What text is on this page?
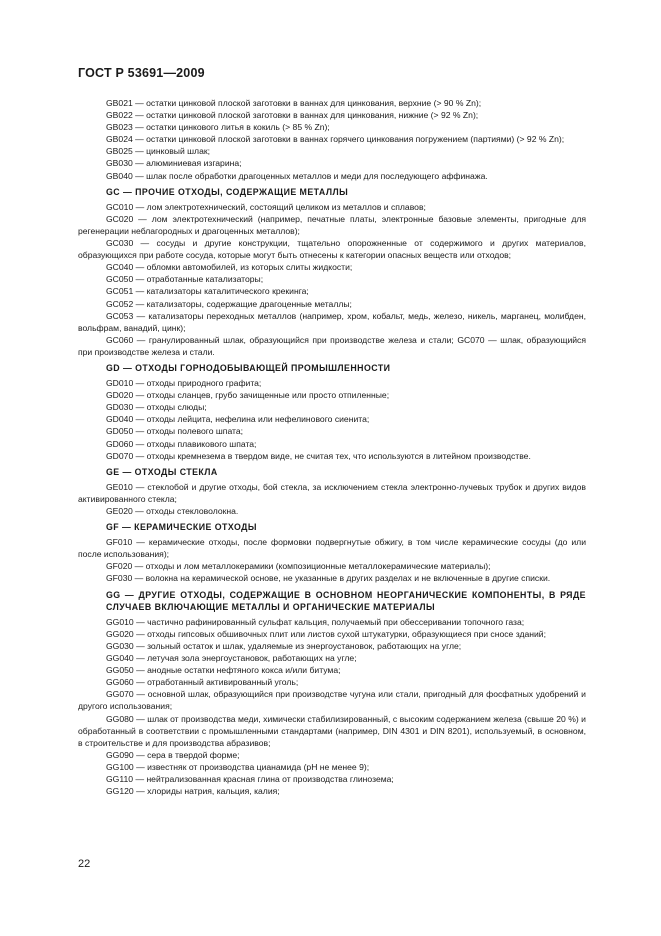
ГОСТ Р 53691—2009

GB021 — остатки цинковой плоской заготовки в ваннах для цинкования, верхние (> 90 % Zn);

GB022 — остатки цинковой плоской заготовки в ваннах для цинкования, нижние (> 92 % Zn);

GB023 — остатки цинкового литья в кокиль (> 85 % Zn);

GB024 — остатки цинковой плоской заготовки в ваннах горячего цинкования погружением (партиями) (> 92 % Zn);

GB025 — цинковый шлак;

GB030 — алюминиевая изгарина;

GB040 — шлак после обработки драгоценных металлов и меди для последующего аффинажа.

GC — ПРОЧИЕ ОТХОДЫ, СОДЕРЖАЩИЕ МЕТАЛЛЫ

GC010 — лом электротехнический, состоящий целиком из металлов и сплавов;

GC020 — лом электротехнический (например, печатные платы, электронные базовые элементы, пригодные для регенерации неблагородных и драгоценных металлов);

GC030 — сосуды и другие конструкции, тщательно опорожненные от содержимого и других материалов, образующихся при работе сосуда, которые могут быть отнесены к категории опасных веществ или отходов;

GC040 — обломки автомобилей, из которых слиты жидкости;

GC050 — отработанные катализаторы;

GC051 — катализаторы каталитического крекинга;

GC052 — катализаторы, содержащие драгоценные металлы;

GC053 — катализаторы переходных металлов (например, хром, кобальт, медь, железо, никель, марганец, молибден, вольфрам, ванадий, цинк);

GC060 — гранулированный шлак, образующийся при производстве железа и стали; GC070 — шлак, образующийся при производстве железа и стали.

GD — ОТХОДЫ ГОРНОДОБЫВАЮЩЕЙ ПРОМЫШЛЕННОСТИ

GD010 — отходы природного графита;

GD020 — отходы сланцев, грубо зачищенные или просто отпиленные;

GD030 — отходы слюды;

GD040 — отходы лейцита, нефелина или нефелинового сиенита;

GD050 — отходы полевого шпата;

GD060 — отходы плавикового шпата;

GD070 — отходы кремнезема в твердом виде, не считая тех, что используются в литейном производстве.

GE — ОТХОДЫ СТЕКЛА

GE010 — стеклобой и другие отходы, бой стекла, за исключением стекла электронно-лучевых трубок и других видов активированного стекла;

GE020 — отходы стекловолокна.

GF — КЕРАМИЧЕСКИЕ ОТХОДЫ

GF010 — керамические отходы, после формовки подвергнутые обжигу, в том числе керамические сосуды (до или после использования);

GF020 — отходы и лом металлокерамики (композиционные металлокерамические материалы);

GF030 — волокна на керамической основе, не указанные в других разделах и не включенные в другие списки.

GG — ДРУГИЕ ОТХОДЫ, СОДЕРЖАЩИЕ В ОСНОВНОМ НЕОРГАНИЧЕСКИЕ КОМПОНЕНТЫ, В РЯДЕ СЛУЧАЕВ ВКЛЮЧАЮЩИЕ МЕТАЛЛЫ И ОРГАНИЧЕСКИЕ МАТЕРИАЛЫ

GG010 — частично рафинированный сульфат кальция, получаемый при обессеривании топочного газа;

GG020 — отходы гипсовых обшивочных плит или листов сухой штукатурки, образующиеся при сносе зданий;

GG030 — зольный остаток и шлак, удаляемые из энергоустановок, работающих на угле;

GG040 — летучая зола энергоустановок, работающих на угле;

GG050 — анодные остатки нефтяного кокса и/или битума;

GG060 — отработанный активированный уголь;

GG070 — основной шлак, образующийся при производстве чугуна или стали, пригодный для фосфатных удобрений и другого использования;

GG080 — шлак от производства меди, химически стабилизированный, с высоким содержанием железа (свыше 20 %) и обработанный в соответствии с промышленными стандартами (например, DIN 4301 и DIN 8201), используемый, в основном, в строительстве и для производства абразивов;

GG090 — сера в твердой форме;

GG100 — известняк от производства цианамида (pH не менее 9);

GG110 — нейтрализованная красная глина от производства глинозема;

GG120 — хлориды натрия, кальция, калия;

22
